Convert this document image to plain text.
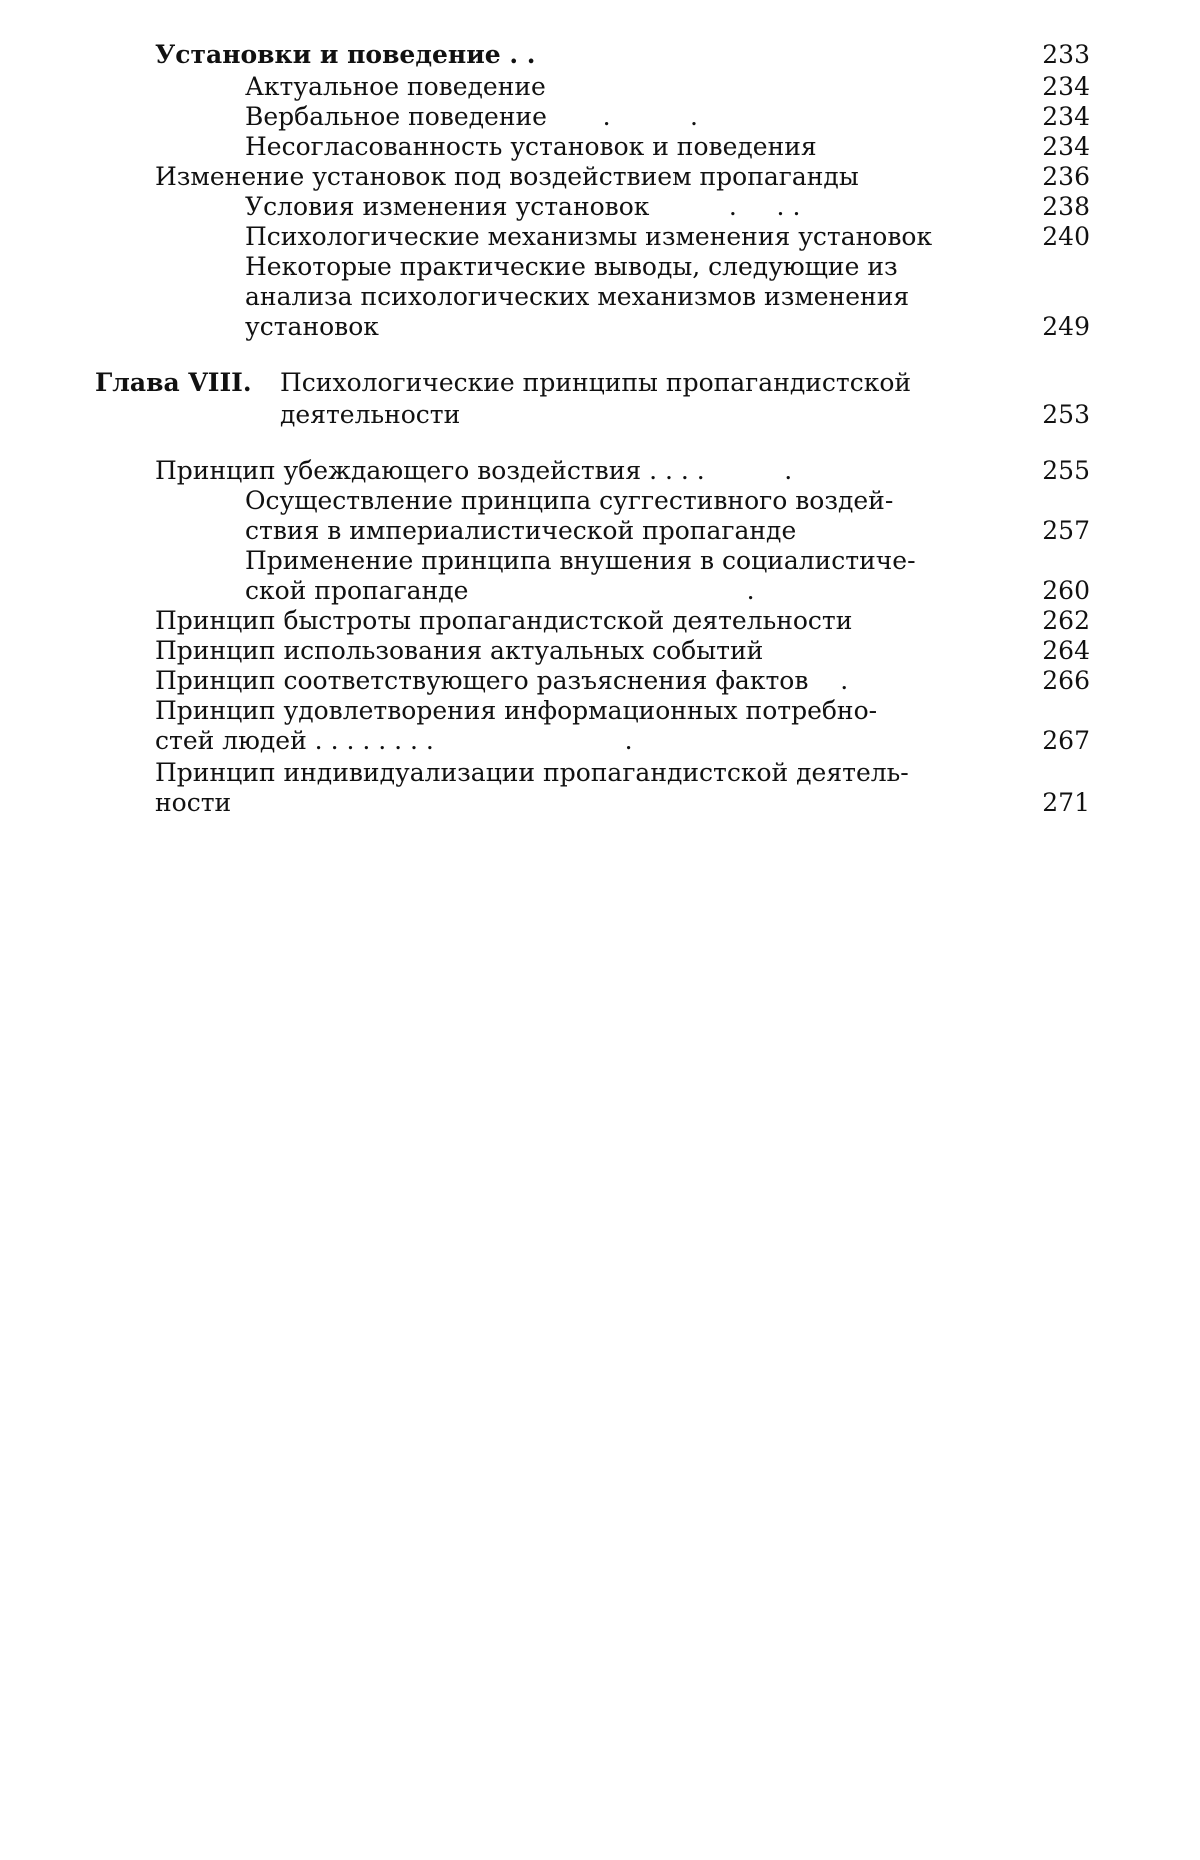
Установки и поведение . .	233
Актуальное поведение	234
Вербальное поведение       .          .	234
Несогласованность установок и поведения	234
Изменение установок под воздействием пропаганды	236
Условия изменения установок          .     . .	238
Психологические механизмы изменения установок	240
Некоторые практические выводы, следующие из
анализа психологических механизмов изменения
установок	249
Глава VIII. Психологические принципы пропагандистской
деятельности	253
Принцип убеждающего воздействия . . . .          .	255
Осуществление принципа суггестивного воздей-
ствия в империалистической пропаганде	257
Применение принципа внушения в социалистиче-
ской пропаганде                                   .	260
Принцип быстроты пропагандистской деятельности	262
Принцип использования актуальных событий	264
Принцип соответствующего разъяснения фактов    .	266
Принцип удовлетворения информационных потребно-
стей людей . . . . . . . .                        .	267
Принцип индивидуализации пропагандистской деятель-
ности	271
